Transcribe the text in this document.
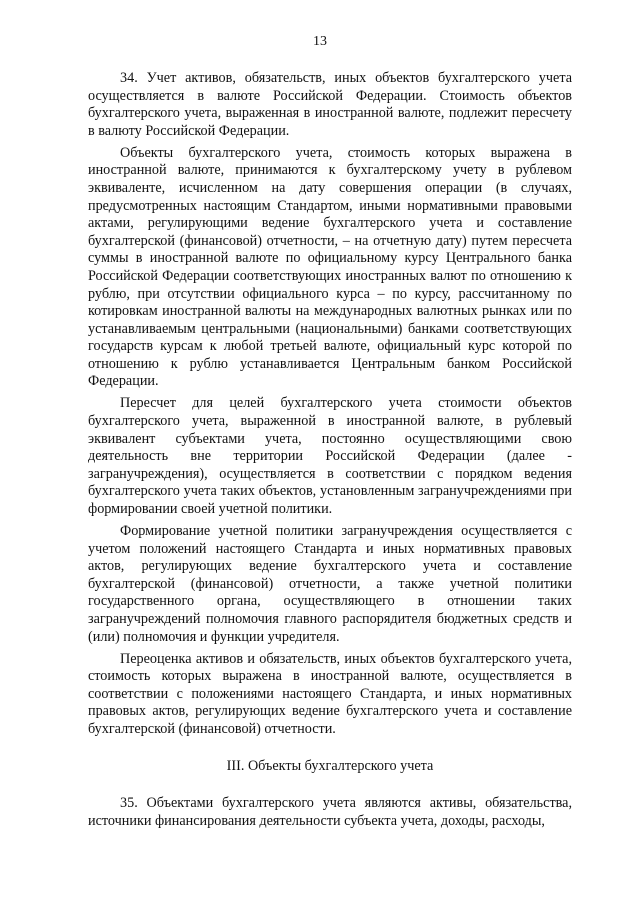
13

34. Учет активов, обязательств, иных объектов бухгалтерского учета осуществляется в валюте Российской Федерации. Стоимость объектов бухгалтерского учета, выраженная в иностранной валюте, подлежит пересчету в валюту Российской Федерации.

Объекты бухгалтерского учета, стоимость которых выражена в иностранной валюте, принимаются к бухгалтерскому учету в рублевом эквиваленте, исчисленном на дату совершения операции (в случаях, предусмотренных настоящим Стандартом, иными нормативными правовыми актами, регулирующими ведение бухгалтерского учета и составление бухгалтерской (финансовой) отчетности, – на отчетную дату) путем пересчета суммы в иностранной валюте по официальному курсу Центрального банка Российской Федерации соответствующих иностранных валют по отношению к рублю, при отсутствии официального курса – по курсу, рассчитанному по котировкам иностранной валюты на международных валютных рынках или по устанавливаемым центральными (национальными) банками соответствующих государств курсам к любой третьей валюте, официальный курс которой по отношению к рублю устанавливается Центральным банком Российской Федерации.

Пересчет для целей бухгалтерского учета стоимости объектов бухгалтерского учета, выраженной в иностранной валюте, в рублевый эквивалент субъектами учета, постоянно осуществляющими свою деятельность вне территории Российской Федерации (далее - загранучреждения), осуществляется в соответствии с порядком ведения бухгалтерского учета таких объектов, установленным загранучреждениями при формировании своей учетной политики.

Формирование учетной политики загранучреждения осуществляется с учетом положений настоящего Стандарта и иных нормативных правовых актов, регулирующих ведение бухгалтерского учета и составление бухгалтерской (финансовой) отчетности, а также учетной политики государственного органа, осуществляющего в отношении таких загранучреждений полномочия главного распорядителя бюджетных средств и (или) полномочия и функции учредителя.

Переоценка активов и обязательств, иных объектов бухгалтерского учета, стоимость которых выражена в иностранной валюте, осуществляется в соответствии с положениями настоящего Стандарта, и иных нормативных правовых актов, регулирующих ведение бухгалтерского учета и составление бухгалтерской (финансовой) отчетности.

III. Объекты бухгалтерского учета

35. Объектами бухгалтерского учета являются активы, обязательства, источники финансирования деятельности субъекта учета, доходы, расходы,
